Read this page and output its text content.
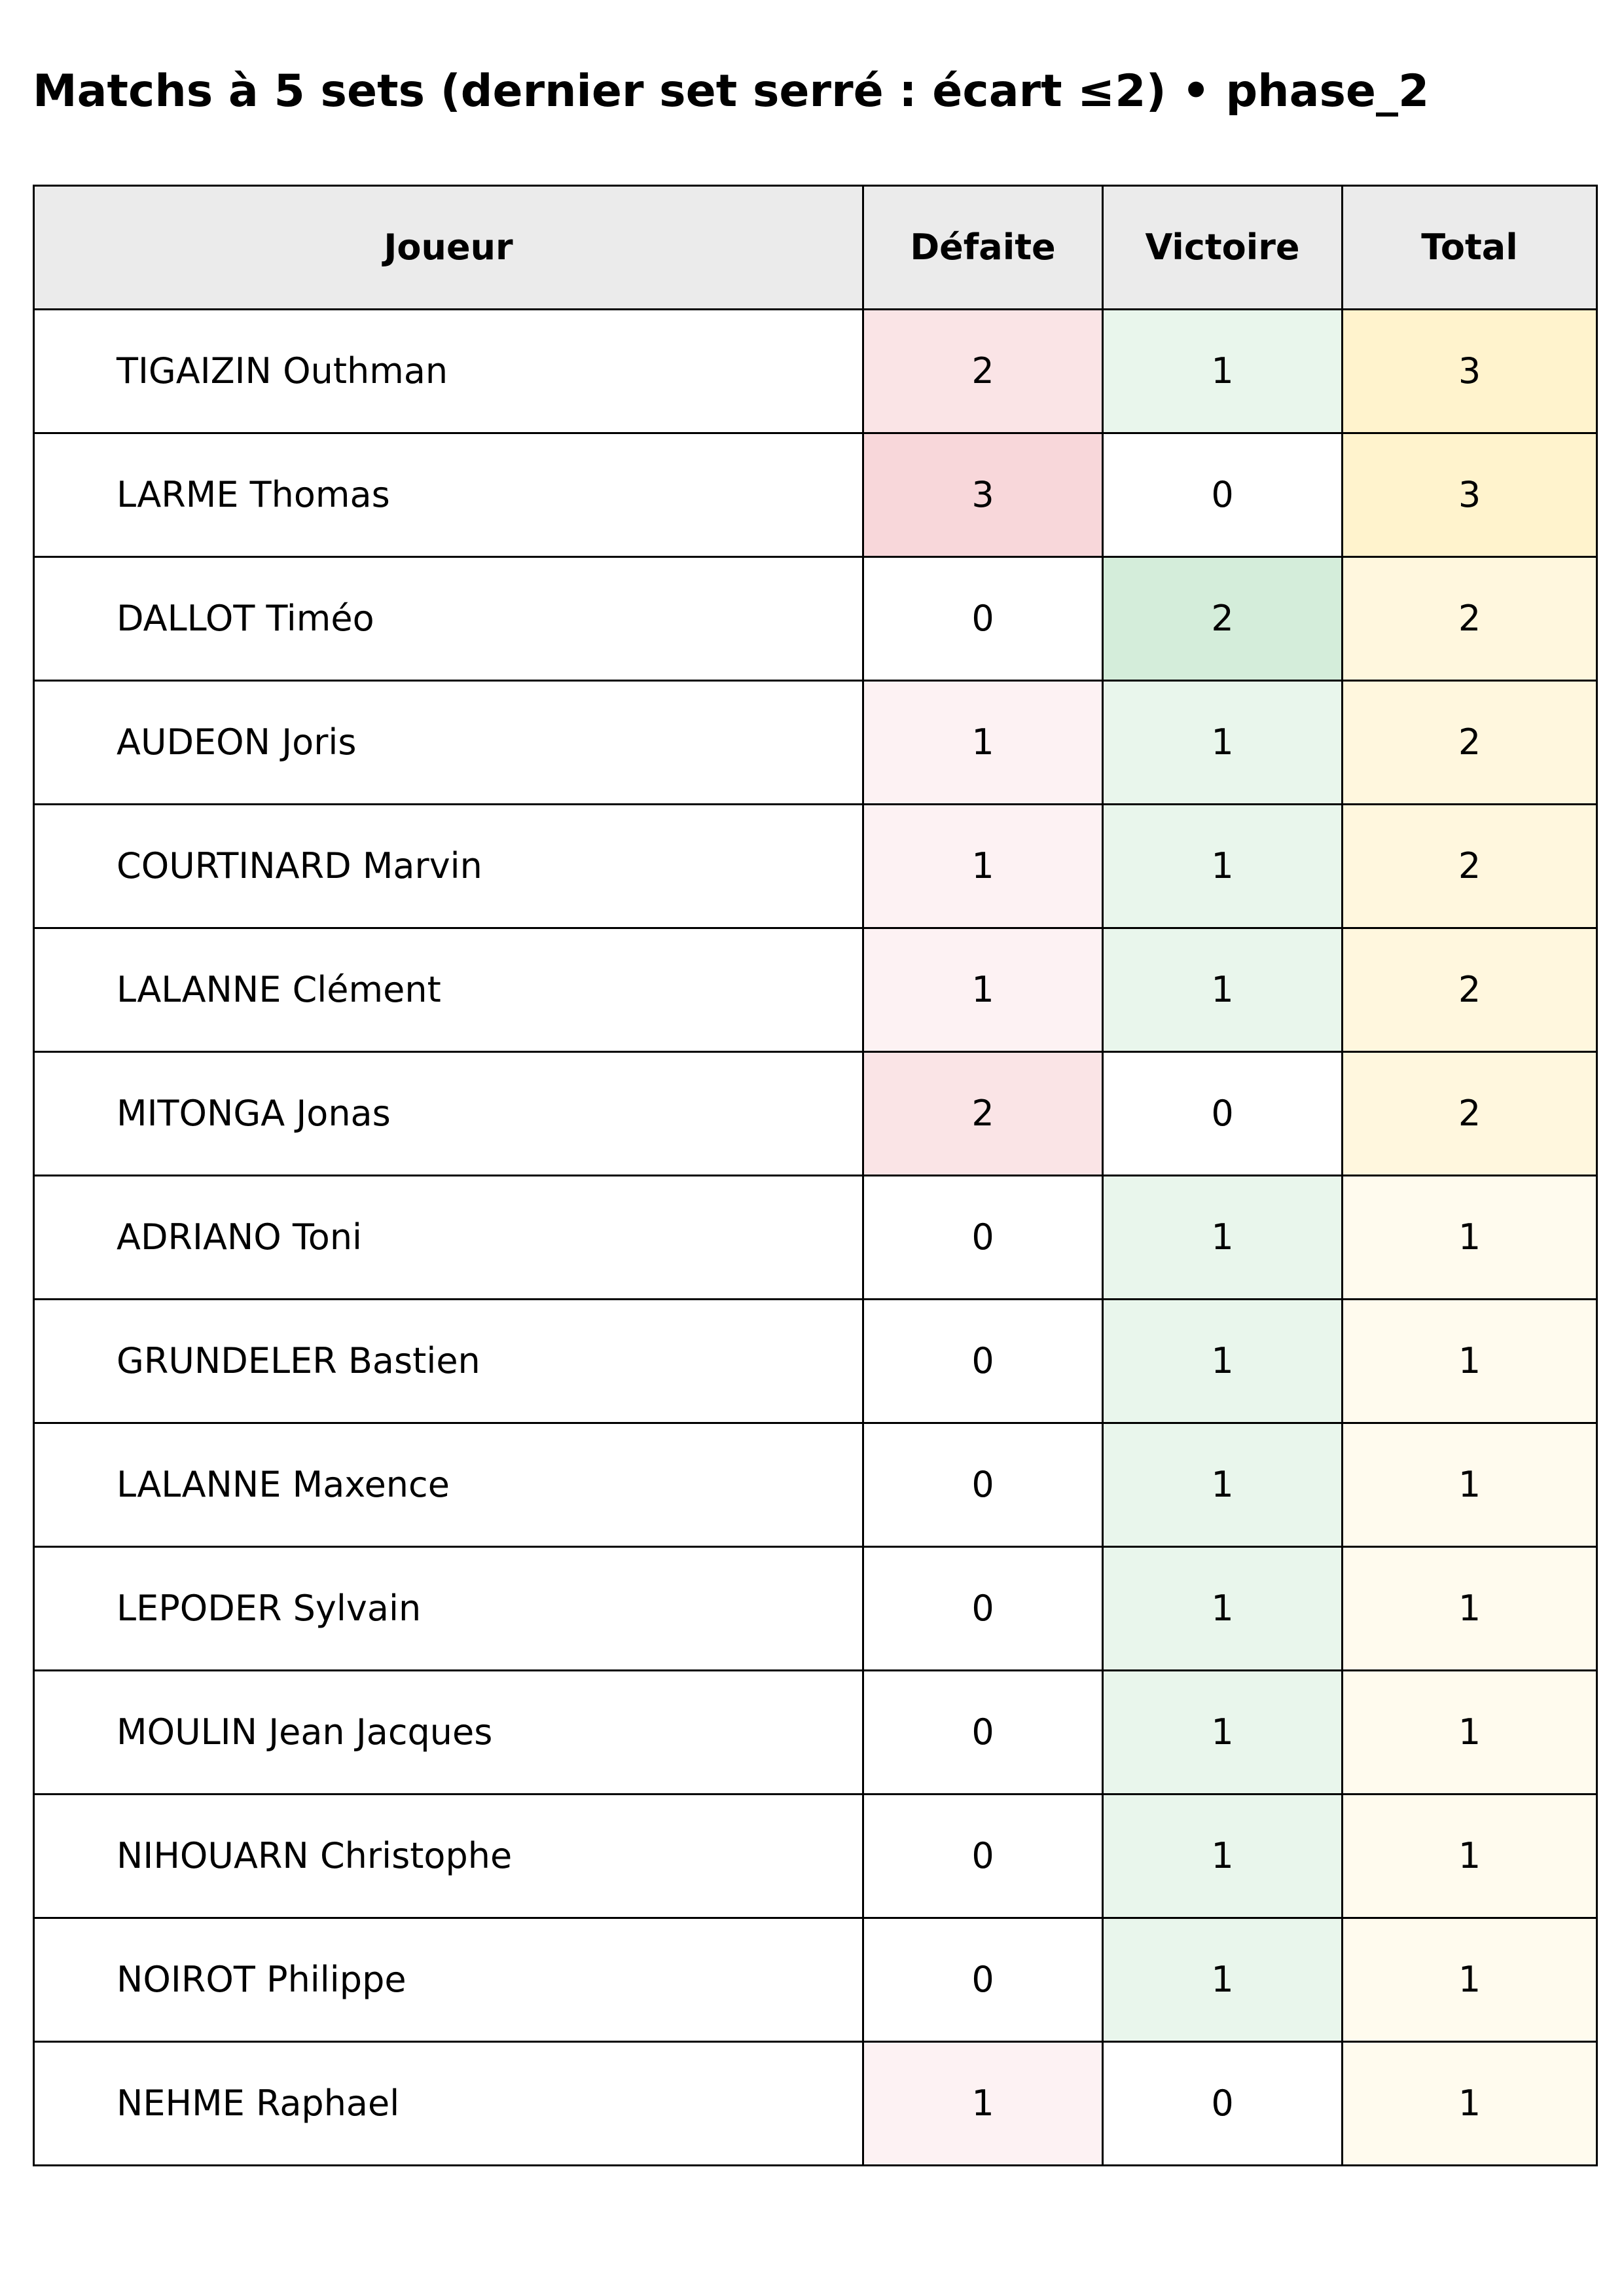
Matchs à 5 sets (dernier set serré : écart ≤2) • phase_2
Joueur	Défaite	Victoire	Total
TIGAIZIN Outhman	2	1	3
LARME Thomas	3	0	3
DALLOT Timéo	0	2	2
AUDEON Joris	1	1	2
COURTINARD Marvin	1	1	2
LALANNE Clément	1	1	2
MITONGA Jonas	2	0	2
ADRIANO Toni	0	1	1
GRUNDELER Bastien	0	1	1
LALANNE Maxence	0	1	1
LEPODER Sylvain	0	1	1
MOULIN Jean Jacques	0	1	1
NIHOUARN Christophe	0	1	1
NOIROT Philippe	0	1	1
NEHME Raphael	1	0	1
